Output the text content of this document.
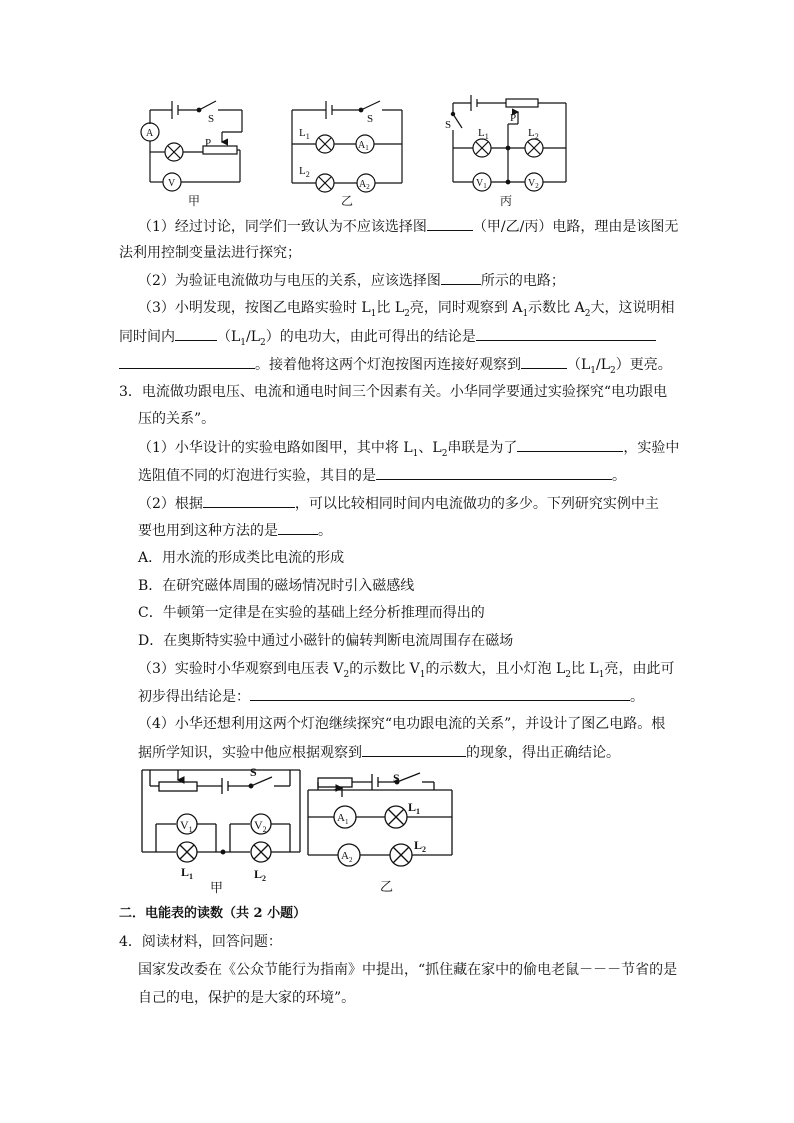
S
P
A
V
甲
S
$L_1$
$L_2$
$A_1$
$A_2$
乙
S
P
$L_1$	$L_2$
$V_1$	$V_2$
丙
（1）经过讨论，同学们一致认为不应该选择图	（甲/乙/丙）电路，理由是该图无
法利用控制变量法进行探究；
（2）为验证电流做功与电压的关系，应该选择图	所示的电路；
（3）小明发现，按图乙电路实验时 $L_1$比 $L_2$亮，同时观察到 $A_1$示数比 $A_2$大，这说明相
同时间内	$(L_1/L_2)$的电功大，由此可得出的结论是
。接着他将这两个灯泡按图丙连接好观察到	$(L_1/L_2)$更亮。
3．电流做功跟电压、电流和通电时间三个因素有关。小华同学要通过实验探究“电功跟电
压的关系”。
（1）小华设计的实验电路如图甲，其中将 $L_1$、$L_2$串联是为了	，实验中
选阻值不同的灯泡进行实验，其目的是	。
（2）根据	，可以比较相同时间内电流做功的多少。下列研究实例中主
要也用到这种方法的是	。
A．用水流的形成类比电流的形成
B．在研究磁体周围的磁场情况时引入磁感线
C．牛顿第一定律是在实验的基础上经分析推理而得出的
D．在奥斯特实验中通过小磁针的偏转判断电流周围存在磁场
（3）实验时小华观察到电压表 $V_2$的示数比 $V_1$的示数大，且小灯泡 $L_2$比 $L_1$亮，由此可
初步得出结论是：	。
（4）小华还想利用这两个灯泡继续探究“电功跟电流的关系”，并设计了图乙电路。根
据所学知识，实验中他应根据观察到	的现象，得出正确结论。
S
$V_1$	$V_2$
$L_1$	$L_2$
甲
S
$A_1$
$A_2$
$L_1$
$L_2$
乙
二．电能表的读数（共 2 小题）
4．阅读材料，回答问题：
国家发改委在《公众节能行为指南》中提出，“抓住藏在家中的偷电老鼠－－－节省的是
自己的电，保护的是大家的环境”。
